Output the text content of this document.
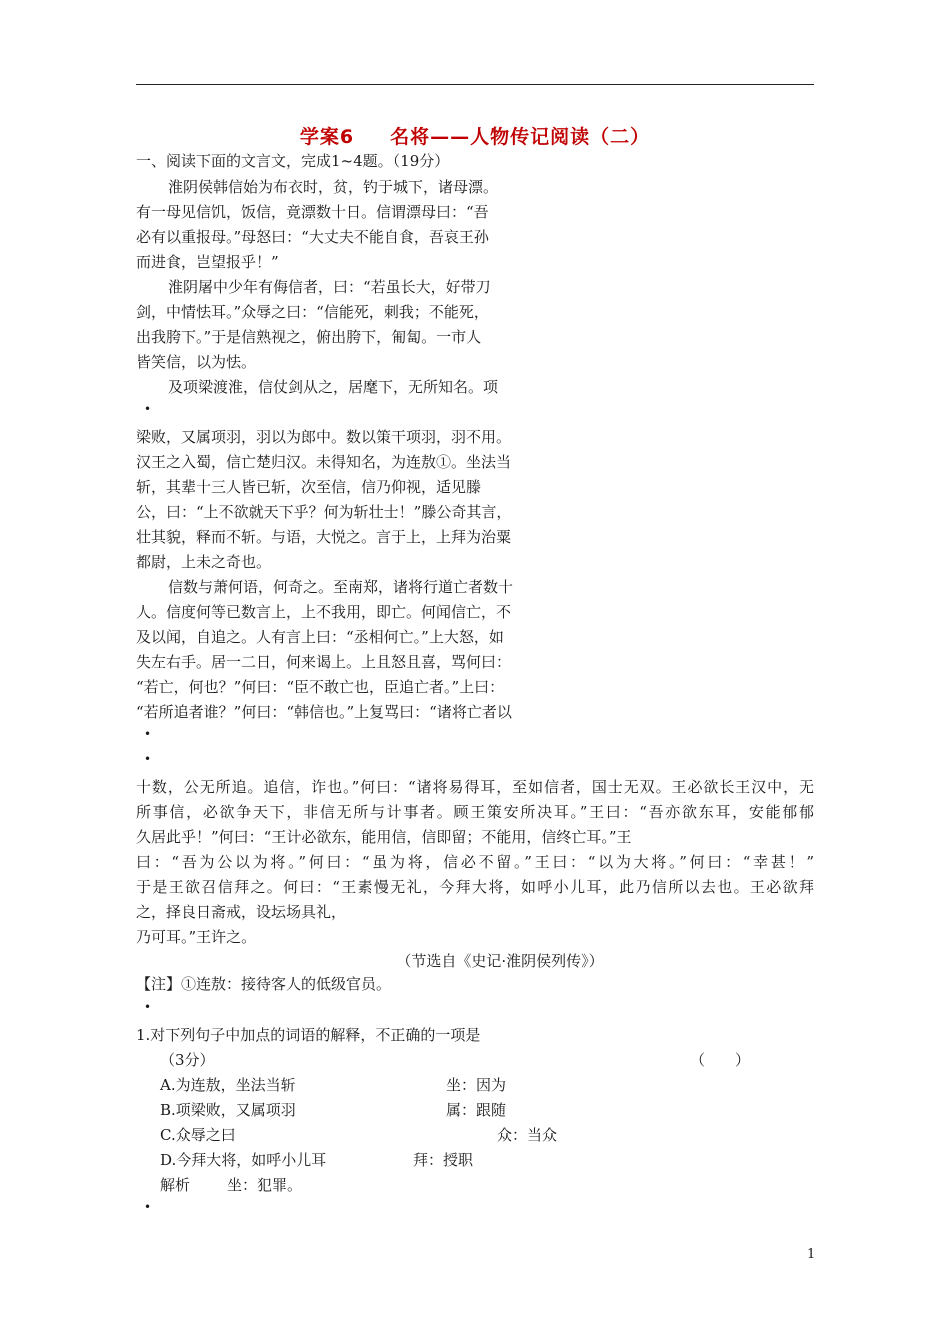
学案6 名将——人物传记阅读（二）
一、阅读下面的文言文，完成1~4题。（19分）
淮阴侯韩信始为布衣时，贫，钓于城下，诸母漂。
有一母见信饥，饭信，竟漂数十日。信谓漂母曰：“吾
必有以重报母。”母怒曰：“大丈夫不能自食，吾哀王孙
而进食，岂望报乎！”
淮阴屠中少年有侮信者，曰：“若虽长大，好带刀
剑，中情怯耳。”众辱之曰：“信能死，刺我；不能死，
出我胯下。”于是信熟视之，俯出胯下，匍匐。一市人
皆笑信，以为怯。
及项梁渡淮，信仗剑从之，居麾下，无所知名。项
•
梁败，又属项羽，羽以为郎中。数以策干项羽，羽不用。
汉王之入蜀，信亡楚归汉。未得知名，为连敖①。坐法当
斩，其辈十三人皆已斩，次至信，信乃仰视，适见滕
公，曰：“上不欲就天下乎？何为斩壮士！”滕公奇其言，
壮其貌，释而不斩。与语，大悦之。言于上，上拜为治粟
都尉，上未之奇也。
信数与萧何语，何奇之。至南郑，诸将行道亡者数十
人。信度何等已数言上，上不我用，即亡。何闻信亡，不
及以闻，自追之。人有言上曰：“丞相何亡。”上大怒，如
失左右手。居一二日，何来谒上。上且怒且喜，骂何曰：
“若亡，何也？”何曰：“臣不敢亡也，臣追亡者。”上曰：
“若所追者谁？”何曰：“韩信也。”上复骂曰：“诸将亡者以
•
•
十数，公无所追。追信，诈也。”何曰：“诸将易得耳，至如信者，国士无双。王必欲长王汉中，无
所事信，必欲争天下，非信无所与计事者。顾王策安所决耳。”王曰：“吾亦欲东耳，安能郁郁
久居此乎！”何曰：“王计必欲东，能用信，信即留；不能用，信终亡耳。”王
曰：“吾为公以为将。”何曰：“虽为将，信必不留。”王曰：“以为大将。”何曰：“幸甚！”
于是王欲召信拜之。何曰：“王素慢无礼，今拜大将，如呼小儿耳，此乃信所以去也。王必欲拜
之，择良日斋戒，设坛场具礼，
乃可耳。”王许之。
（节选自《史记·淮阴侯列传》）
【注】①连敖：接待客人的低级官员。
•
1.对下列句子中加点的词语的解释，不正确的一项是
（3分）	（　　）
A.为连敖，坐法当斩	坐：因为
B.项梁败，又属项羽	属：跟随
C.众辱之曰	众：当众
D.今拜大将，如呼小儿耳	拜：授职
解析 坐：犯罪。
•
1
